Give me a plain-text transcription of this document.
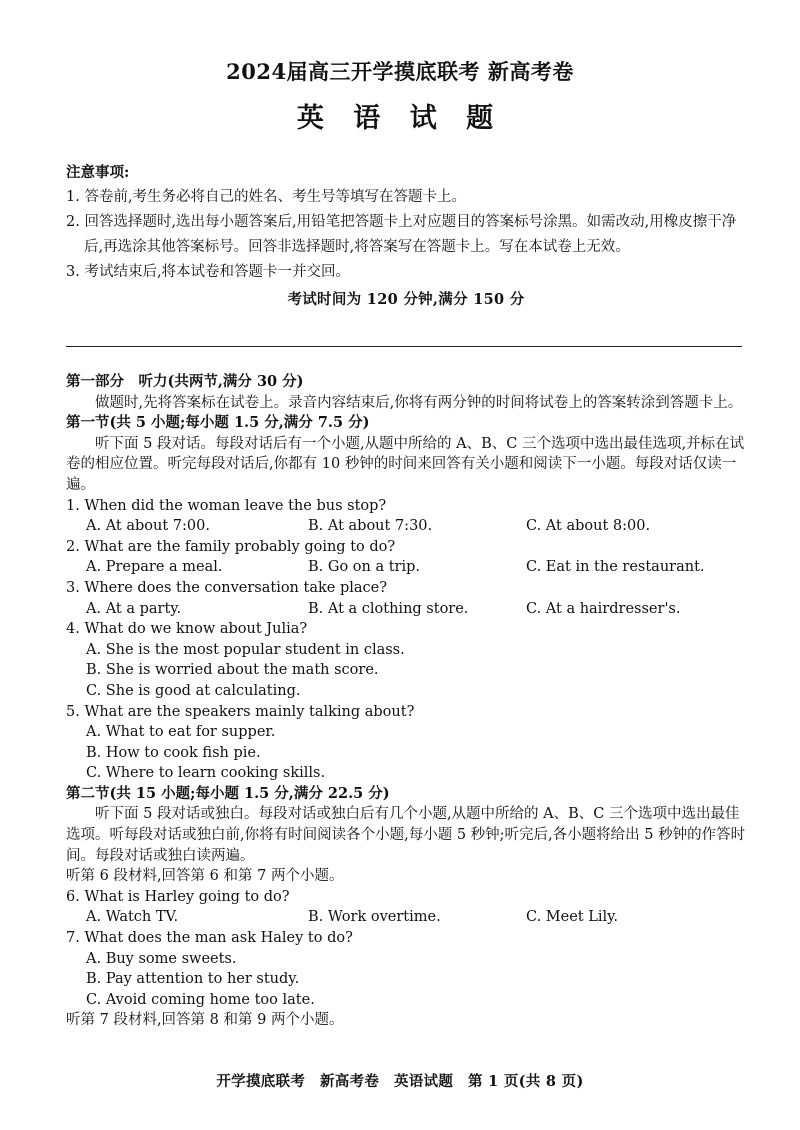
2024届高三开学摸底联考 新高考卷
英 语 试 题
注意事项:
1. 答卷前,考生务必将自己的姓名、考生号等填写在答题卡上。
2. 回答选择题时,选出每小题答案后,用铅笔把答题卡上对应题目的答案标号涂黑。如需改动,用橡皮擦干净后,再选涂其他答案标号。回答非选择题时,将答案写在答题卡上。写在本试卷上无效。
3. 考试结束后,将本试卷和答题卡一并交回。
考试时间为 120 分钟,满分 150 分
第一部分　听力(共两节,满分 30 分)
做题时,先将答案标在试卷上。录音内容结束后,你将有两分钟的时间将试卷上的答案转涂到答题卡上。
第一节(共 5 小题;每小题 1.5 分,满分 7.5 分)
听下面 5 段对话。每段对话后有一个小题,从题中所给的 A、B、C 三个选项中选出最佳选项,并标在试卷的相应位置。听完每段对话后,你都有 10 秒钟的时间来回答有关小题和阅读下一小题。每段对话仅读一遍。
1. When did the woman leave the bus stop?
A. At about 7:00.	B. At about 7:30.	C. At about 8:00.
2. What are the family probably going to do?
A. Prepare a meal.	B. Go on a trip.	C. Eat in the restaurant.
3. Where does the conversation take place?
A. At a party.	B. At a clothing store.	C. At a hairdresser's.
4. What do we know about Julia?
A. She is the most popular student in class.
B. She is worried about the math score.
C. She is good at calculating.
5. What are the speakers mainly talking about?
A. What to eat for supper.
B. How to cook fish pie.
C. Where to learn cooking skills.
第二节(共 15 小题;每小题 1.5 分,满分 22.5 分)
听下面 5 段对话或独白。每段对话或独白后有几个小题,从题中所给的 A、B、C 三个选项中选出最佳选项。听每段对话或独白前,你将有时间阅读各个小题,每小题 5 秒钟;听完后,各小题将给出 5 秒钟的作答时间。每段对话或独白读两遍。
听第 6 段材料,回答第 6 和第 7 两个小题。
6. What is Harley going to do?
A. Watch TV.	B. Work overtime.	C. Meet Lily.
7. What does the man ask Haley to do?
A. Buy some sweets.
B. Pay attention to her study.
C. Avoid coming home too late.
听第 7 段材料,回答第 8 和第 9 两个小题。
开学摸底联考　新高考卷　英语试题　第 1 页(共 8 页)
